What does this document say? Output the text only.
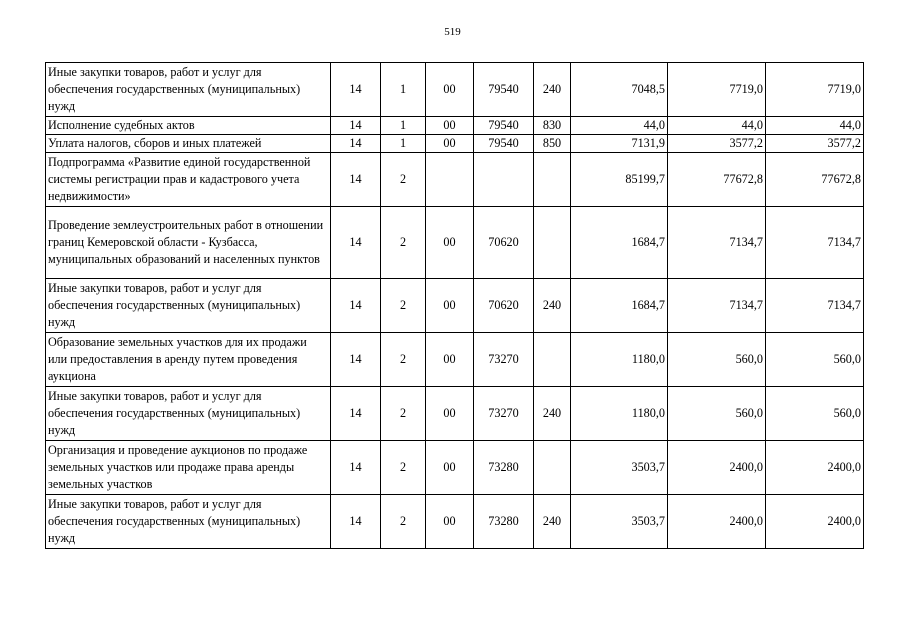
519
Иные закупки товаров, работ и услуг для обеспечения государственных (муниципальных) нужд	14	1	00	79540	240	7048,5	7719,0	7719,0
Исполнение судебных актов	14	1	00	79540	830	44,0	44,0	44,0
Уплата налогов, сборов и иных платежей	14	1	00	79540	850	7131,9	3577,2	3577,2
Подпрограмма «Развитие единой государственной системы регистрации прав и кадастрового учета недвижимости»	14	2				85199,7	77672,8	77672,8
Проведение землеустроительных работ в отношении границ Кемеровской области - Кузбасса, муниципальных образований и населенных пунктов	14	2	00	70620		1684,7	7134,7	7134,7
Иные закупки товаров, работ и услуг для обеспечения государственных (муниципальных) нужд	14	2	00	70620	240	1684,7	7134,7	7134,7
Образование земельных участков для их продажи или предоставления в аренду путем проведения аукциона	14	2	00	73270		1180,0	560,0	560,0
Иные закупки товаров, работ и услуг для обеспечения государственных (муниципальных) нужд	14	2	00	73270	240	1180,0	560,0	560,0
Организация и проведение аукционов по продаже земельных участков или продаже права аренды земельных участков	14	2	00	73280		3503,7	2400,0	2400,0
Иные закупки товаров, работ и услуг для обеспечения государственных (муниципальных) нужд	14	2	00	73280	240	3503,7	2400,0	2400,0
